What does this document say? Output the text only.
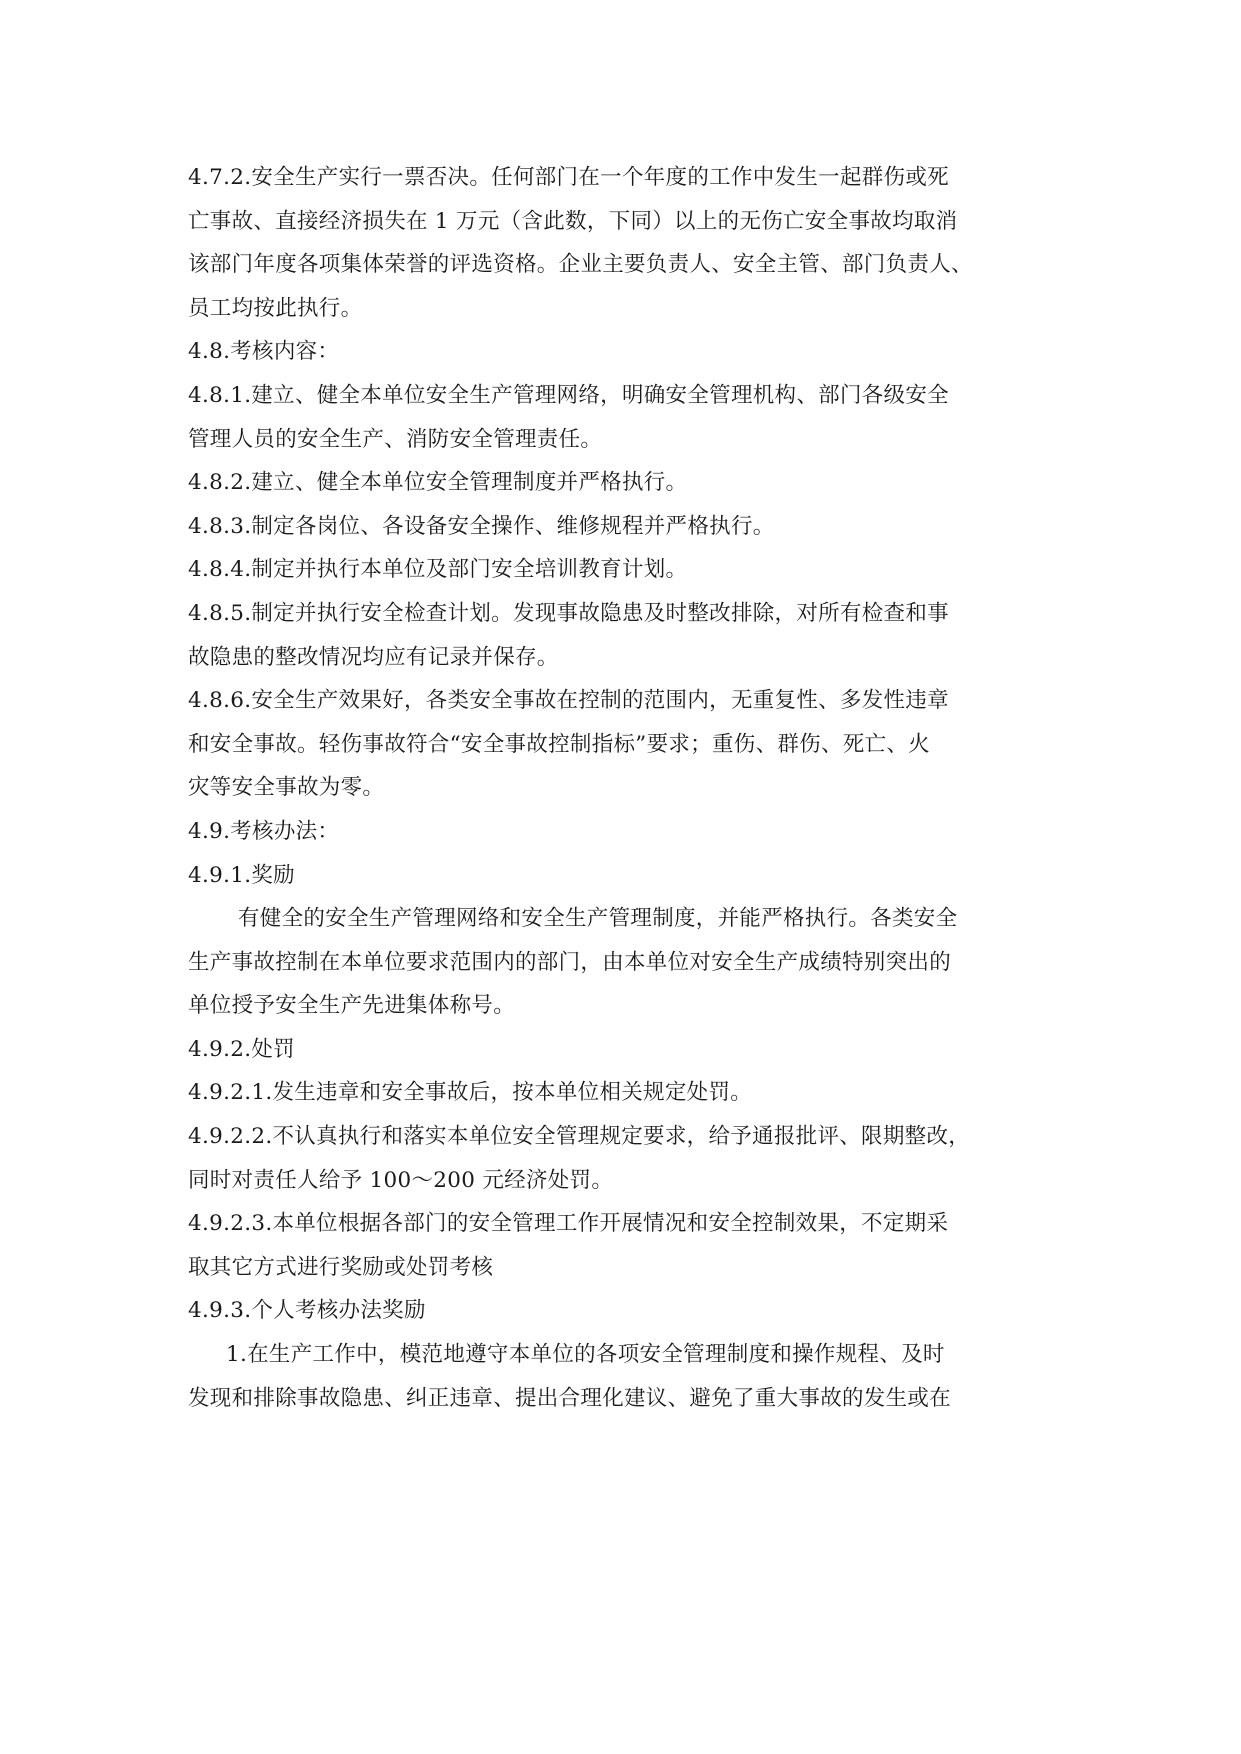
4.7.2.安全生产实行一票否决。任何部门在一个年度的工作中发生一起群伤或死
亡事故、直接经济损失在 1 万元（含此数，下同）以上的无伤亡安全事故均取消
该部门年度各项集体荣誉的评选资格。企业主要负责人、安全主管、部门负责人、
员工均按此执行。
4.8.考核内容：
4.8.1.建立、健全本单位安全生产管理网络，明确安全管理机构、部门各级安全
管理人员的安全生产、消防安全管理责任。
4.8.2.建立、健全本单位安全管理制度并严格执行。
4.8.3.制定各岗位、各设备安全操作、维修规程并严格执行。
4.8.4.制定并执行本单位及部门安全培训教育计划。
4.8.5.制定并执行安全检查计划。发现事故隐患及时整改排除，对所有检查和事
故隐患的整改情况均应有记录并保存。
4.8.6.安全生产效果好，各类安全事故在控制的范围内，无重复性、多发性违章
和安全事故。轻伤事故符合“安全事故控制指标”要求；重伤、群伤、死亡、火
灾等安全事故为零。
4.9.考核办法：
4.9.1.奖励
有健全的安全生产管理网络和安全生产管理制度，并能严格执行。各类安全
生产事故控制在本单位要求范围内的部门，由本单位对安全生产成绩特别突出的
单位授予安全生产先进集体称号。
4.9.2.处罚
4.9.2.1.发生违章和安全事故后，按本单位相关规定处罚。
4.9.2.2.不认真执行和落实本单位安全管理规定要求，给予通报批评、限期整改，
同时对责任人给予 100～200 元经济处罚。
4.9.2.3.本单位根据各部门的安全管理工作开展情况和安全控制效果，不定期采
取其它方式进行奖励或处罚考核
4.9.3.个人考核办法奖励
1.在生产工作中，模范地遵守本单位的各项安全管理制度和操作规程、及时
发现和排除事故隐患、纠正违章、提出合理化建议、避免了重大事故的发生或在
